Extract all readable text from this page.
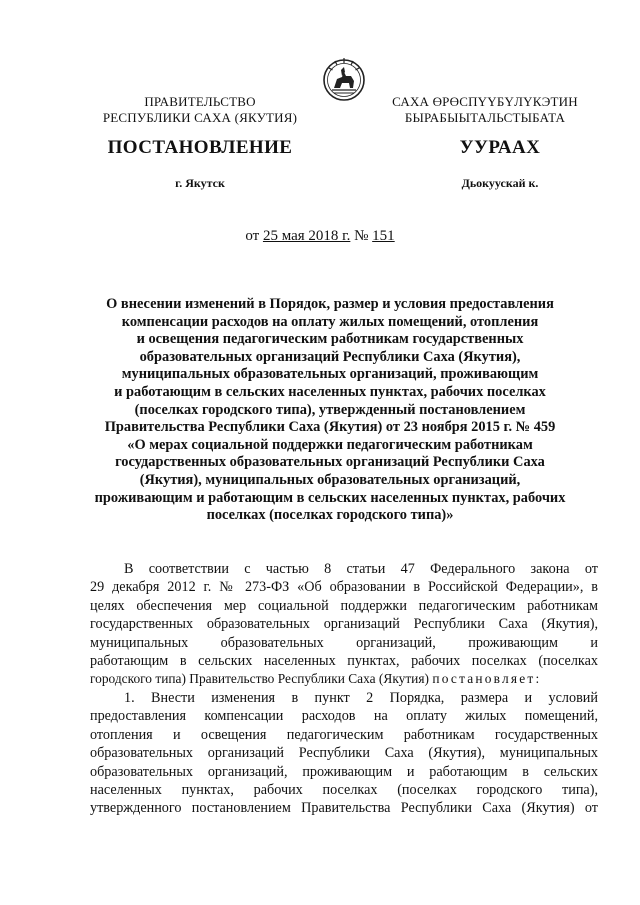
ПРАВИТЕЛЬСТВО
РЕСПУБЛИКИ САХА (ЯКУТИЯ)
САХА ӨРӨСПҮҮБҮЛҮКЭТИН
БЫРАБЫЫТАЛЬСТЫБАТА
ПОСТАНОВЛЕНИЕ	УУРААХ
г. Якутск	Дьокуускай к.
от 25 мая 2018 г. № 151
О внесении изменений в Порядок, размер и условия предоставления
компенсации расходов на оплату жилых помещений, отопления
и освещения педагогическим работникам государственных
образовательных организаций Республики Саха (Якутия),
муниципальных образовательных организаций, проживающим
и работающим в сельских населенных пунктах, рабочих поселках
(поселках городского типа), утвержденный постановлением
Правительства Республики Саха (Якутия) от 23 ноября 2015 г. № 459
«О мерах социальной поддержки педагогическим работникам
государственных образовательных организаций Республики Саха
(Якутия), муниципальных образовательных организаций,
проживающим и работающим в сельских населенных пунктах, рабочих
поселках (поселках городского типа)»
В соответствии с частью 8 статьи 47 Федерального закона от
29 декабря 2012 г. № 273-ФЗ «Об образовании в Российской Федерации», в
целях обеспечения мер социальной поддержки педагогическим работникам
государственных образовательных организаций Республики Саха (Якутия),
муниципальных образовательных организаций, проживающим и
работающим в сельских населенных пунктах, рабочих поселках (поселках
городского типа) Правительство Республики Саха (Якутия) постановляет:
1. Внести изменения в пункт 2 Порядка, размера и условий
предоставления компенсации расходов на оплату жилых помещений,
отопления и освещения педагогическим работникам государственных
образовательных организаций Республики Саха (Якутия), муниципальных
образовательных организаций, проживающим и работающим в сельских
населенных пунктах, рабочих поселках (поселках городского типа),
утвержденного постановлением Правительства Республики Саха (Якутия) от
